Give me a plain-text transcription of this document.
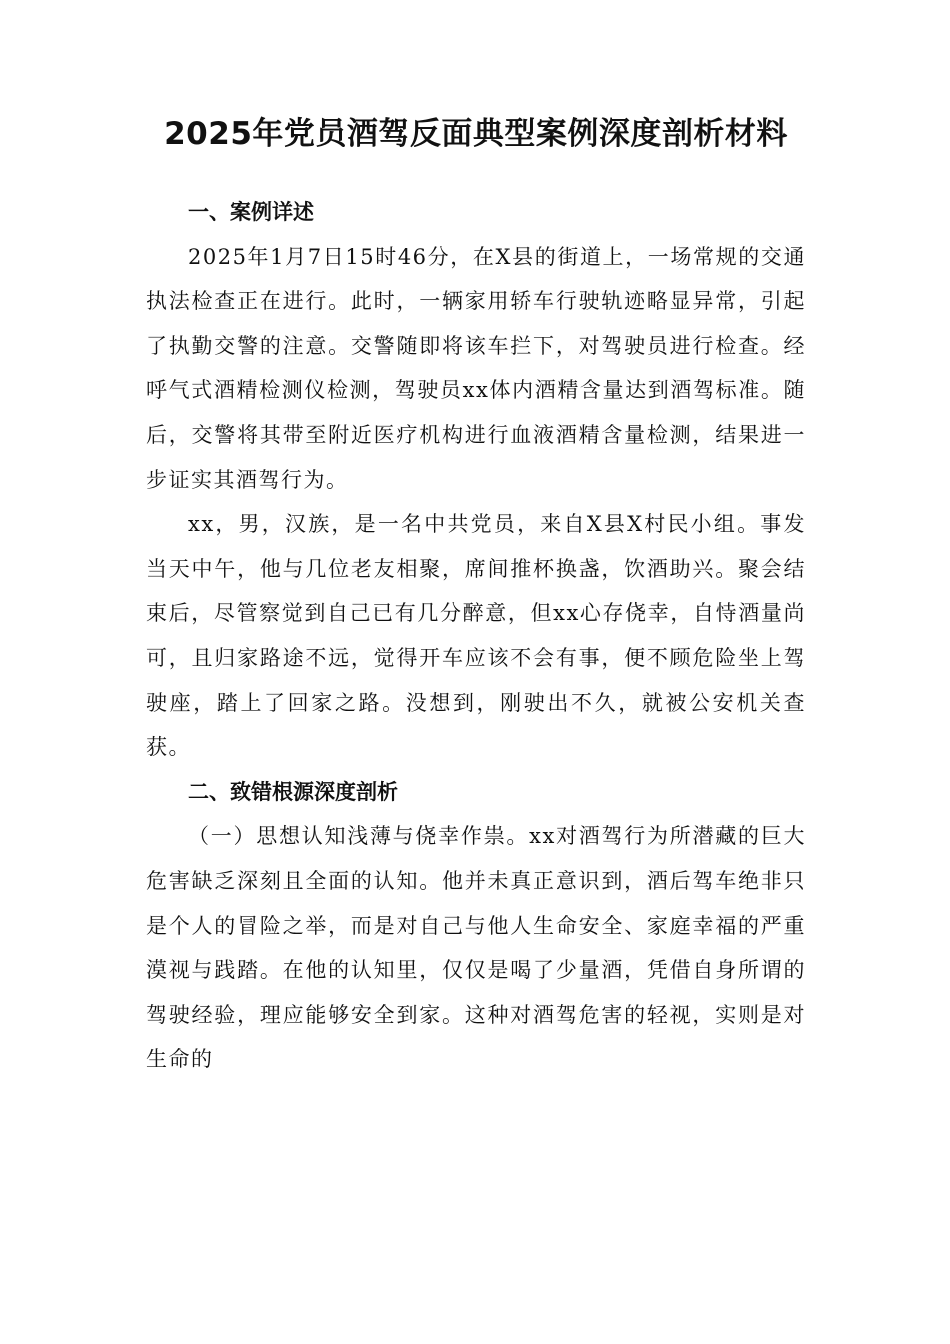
2025年党员酒驾反面典型案例深度剖析材料
一、案例详述

2025年1月7日15时46分，在X县的街道上，一场常规的交通执法检查正在进行。此时，一辆家用轿车行驶轨迹略显异常，引起了执勤交警的注意。交警随即将该车拦下，对驾驶员进行检查。经呼气式酒精检测仪检测，驾驶员xx体内酒精含量达到酒驾标准。随后，交警将其带至附近医疗机构进行血液酒精含量检测，结果进一步证实其酒驾行为。

xx，男，汉族，是一名中共党员，来自X县X村民小组。事发当天中午，他与几位老友相聚，席间推杯换盏，饮酒助兴。聚会结束后，尽管察觉到自己已有几分醉意，但xx心存侥幸，自恃酒量尚可，且归家路途不远，觉得开车应该不会有事，便不顾危险坐上驾驶座，踏上了回家之路。没想到，刚驶出不久，就被公安机关查获。

二、致错根源深度剖析

（一）思想认知浅薄与侥幸作祟。xx对酒驾行为所潜藏的巨大危害缺乏深刻且全面的认知。他并未真正意识到，酒后驾车绝非只是个人的冒险之举，而是对自己与他人生命安全、家庭幸福的严重漠视与践踏。在他的认知里，仅仅是喝了少量酒，凭借自身所谓的驾驶经验，理应能够安全到家。这种对酒驾危害的轻视，实则是对生命的
